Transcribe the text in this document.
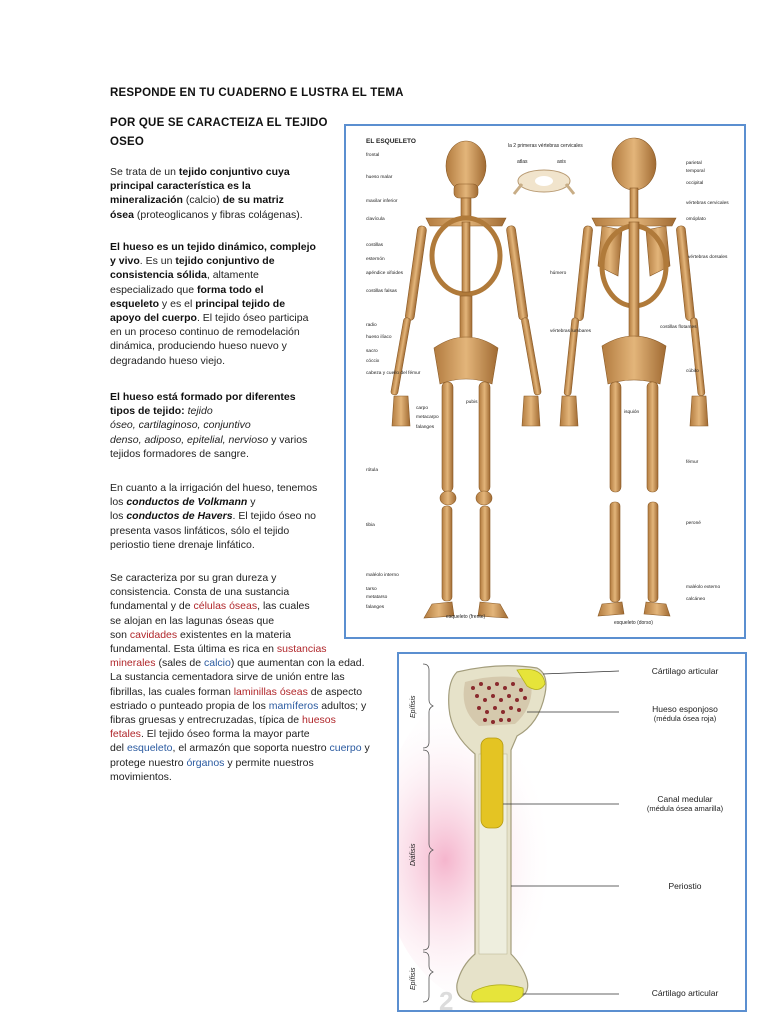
RESPONDE EN TU CUADERNO E LUSTRA EL TEMA
POR QUE SE CARACTEIZA EL TEJIDO
OSEO
Se trata de un tejido conjuntivo cuya
principal característica es la
mineralización (calcio) de su matriz
ósea (proteoglicanos y fibras colágenas).
El hueso es un tejido dinámico, complejo
y vivo. Es un tejido conjuntivo de
consistencia sólida, altamente
especializado que forma todo el
esqueleto y es el principal tejido de
apoyo del cuerpo. El tejido óseo participa
en un proceso continuo de remodelación
dinámica, produciendo hueso nuevo y
degradando hueso viejo.
El hueso está formado por diferentes
tipos de tejido: tejido
óseo, cartilaginoso, conjuntivo
denso, adiposo, epitelial, nervioso y varios
tejidos formadores de sangre.
En cuanto a la irrigación del hueso, tenemos
los conductos de Volkmann y
los conductos de Havers. El tejido óseo no
presenta vasos linfáticos, sólo el tejido
periostio tiene drenaje linfático.
Se caracteriza por su gran dureza y
consistencia. Consta de una sustancia
fundamental y de células óseas, las cuales
se alojan en las lagunas óseas que
son cavidades existentes en la materia
fundamental. Esta última es rica en sustancias
minerales (sales de calcio) que aumentan con la edad.
La sustancia cementadora sirve de unión entre las
fibrillas, las cuales forman laminillas óseas de aspecto
estriado o punteado propia de los mamíferos adultos; y
fibras gruesas y entrecruzadas, típica de huesos
fetales. El tejido óseo forma la mayor parte
del esqueleto, el armazón que soporta nuestro cuerpo y
protege nuestro órganos y permite nuestros
movimientos.
EL ESQUELETO
la 2 primeras vértebras cervicales
atlas	axis
frontal
hueso malar
maxilar inferior
clavícula
costillas
esternón
apéndice xifoides
costillas falsas
radio
hueso ilíaco
sacro
cóccix
cabeza y cuello del fémur
rótula
tibia
maléolo interno
tarso
metatarso
falanges
húmero
vértebras lumbares
carpo
pubis
metacarpo
falanges
parietal
temporal
occipital
vértebras cervicales
omóplato
vértebras dorsales
costillas flotantes
cúbito
isquión
fémur
peroné
maléolo externo
calcáneo
esqueleto (frente)
esqueleto (dorso)
Epífisis
Diáfisis
Epífisis
Cártilago articular
Hueso esponjoso
(médula ósea roja)
Canal medular
(médula ósea amarilla)
Periostio
Cártilago articular
2
